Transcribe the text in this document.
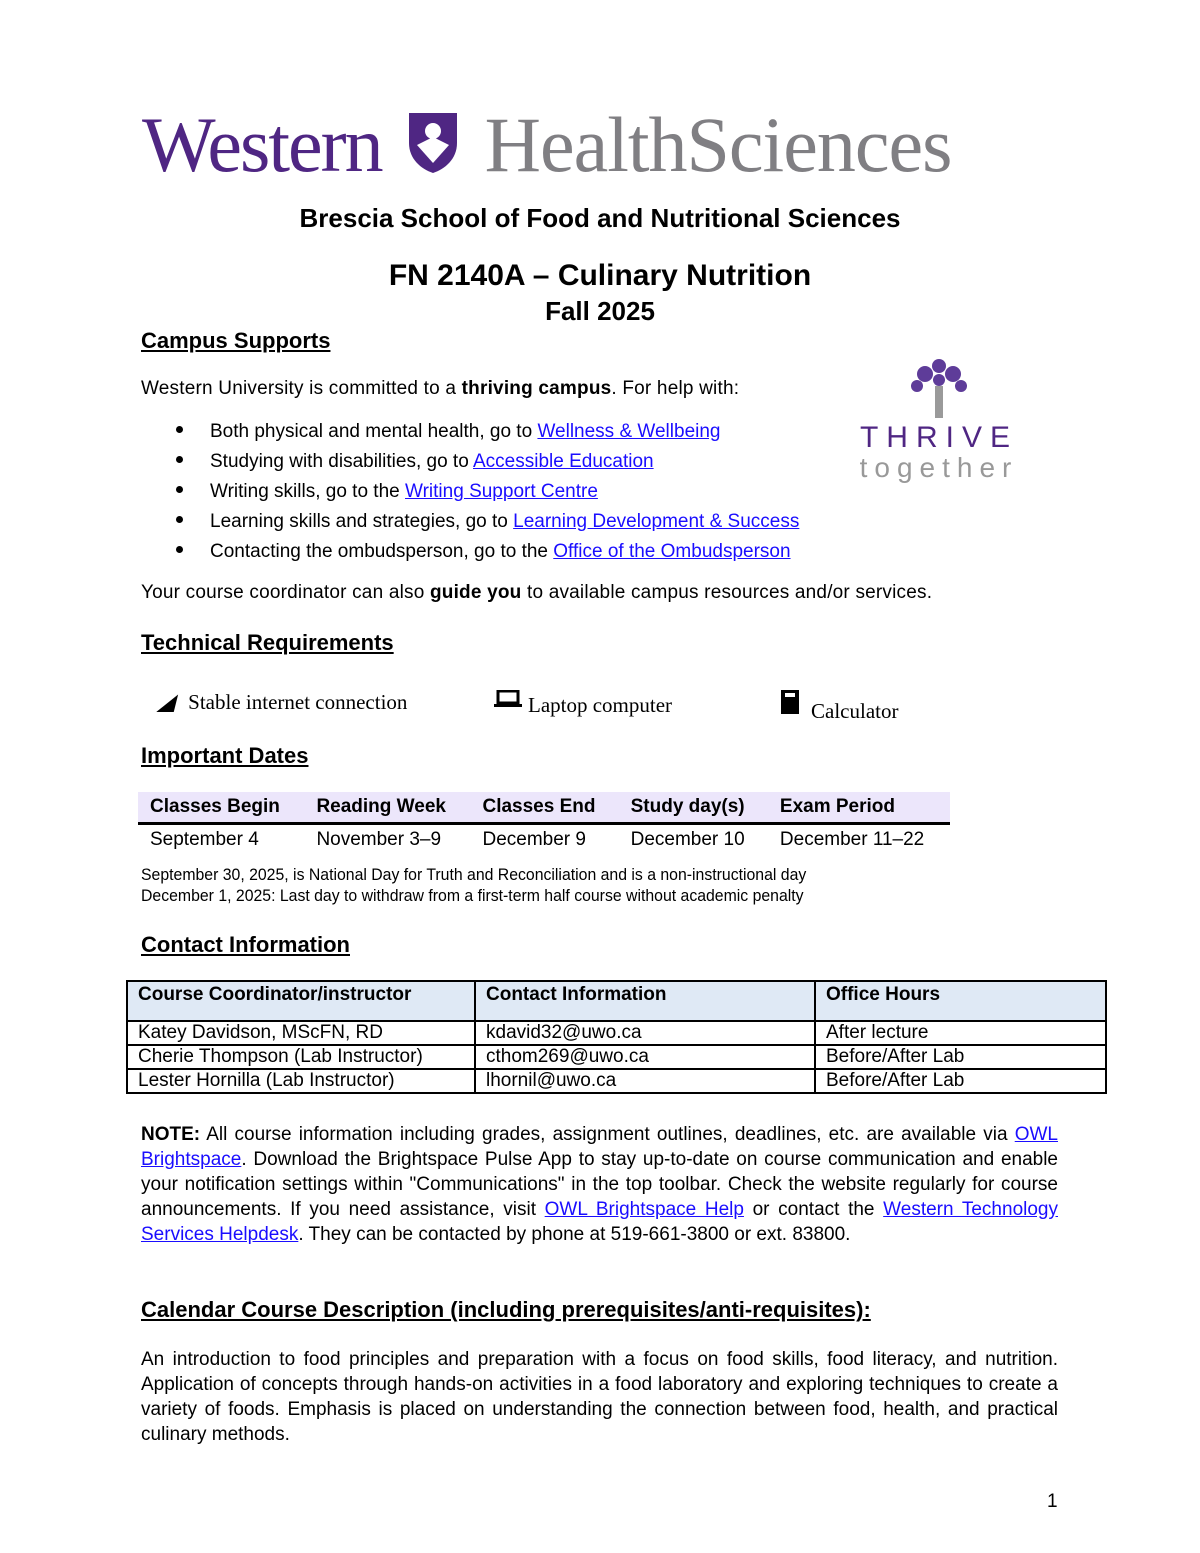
Western HealthSciences
Brescia School of Food and Nutritional Sciences
FN 2140A – Culinary Nutrition
Fall 2025
Campus Supports
Western University is committed to a thriving campus. For help with:
Both physical and mental health, go to Wellness & Wellbeing
Studying with disabilities, go to Accessible Education
Writing skills, go to the Writing Support Centre
Learning skills and strategies, go to Learning Development & Success
Contacting the ombudsperson, go to the Office of the Ombudsperson
THRIVE
together
Your course coordinator can also guide you to available campus resources and/or services.
Technical Requirements
◢ Stable internet connection	Laptop computer	Calculator
Important Dates
Classes Begin	Reading Week	Classes End	Study day(s)	Exam Period
September 4	November 3–9	December 9	December 10	December 11–22
September 30, 2025, is National Day for Truth and Reconciliation and is a non-instructional day
December 1, 2025: Last day to withdraw from a first-term half course without academic penalty
Contact Information
Course Coordinator/instructor	Contact Information	Office Hours
Katey Davidson, MScFN, RD	kdavid32@uwo.ca	After lecture
Cherie Thompson (Lab Instructor)	cthom269@uwo.ca	Before/After Lab
Lester Hornilla (Lab Instructor)	lhornil@uwo.ca	Before/After Lab
NOTE: All course information including grades, assignment outlines, deadlines, etc. are available via OWL Brightspace. Download the Brightspace Pulse App to stay up-to-date on course communication and enable your notification settings within "Communications" in the top toolbar. Check the website regularly for course announcements. If you need assistance, visit OWL Brightspace Help or contact the Western Technology Services Helpdesk. They can be contacted by phone at 519-661-3800 or ext. 83800.
Calendar Course Description (including prerequisites/anti-requisites):
An introduction to food principles and preparation with a focus on food skills, food literacy, and nutrition. Application of concepts through hands-on activities in a food laboratory and exploring techniques to create a variety of foods. Emphasis is placed on understanding the connection between food, health, and practical culinary methods.
1
